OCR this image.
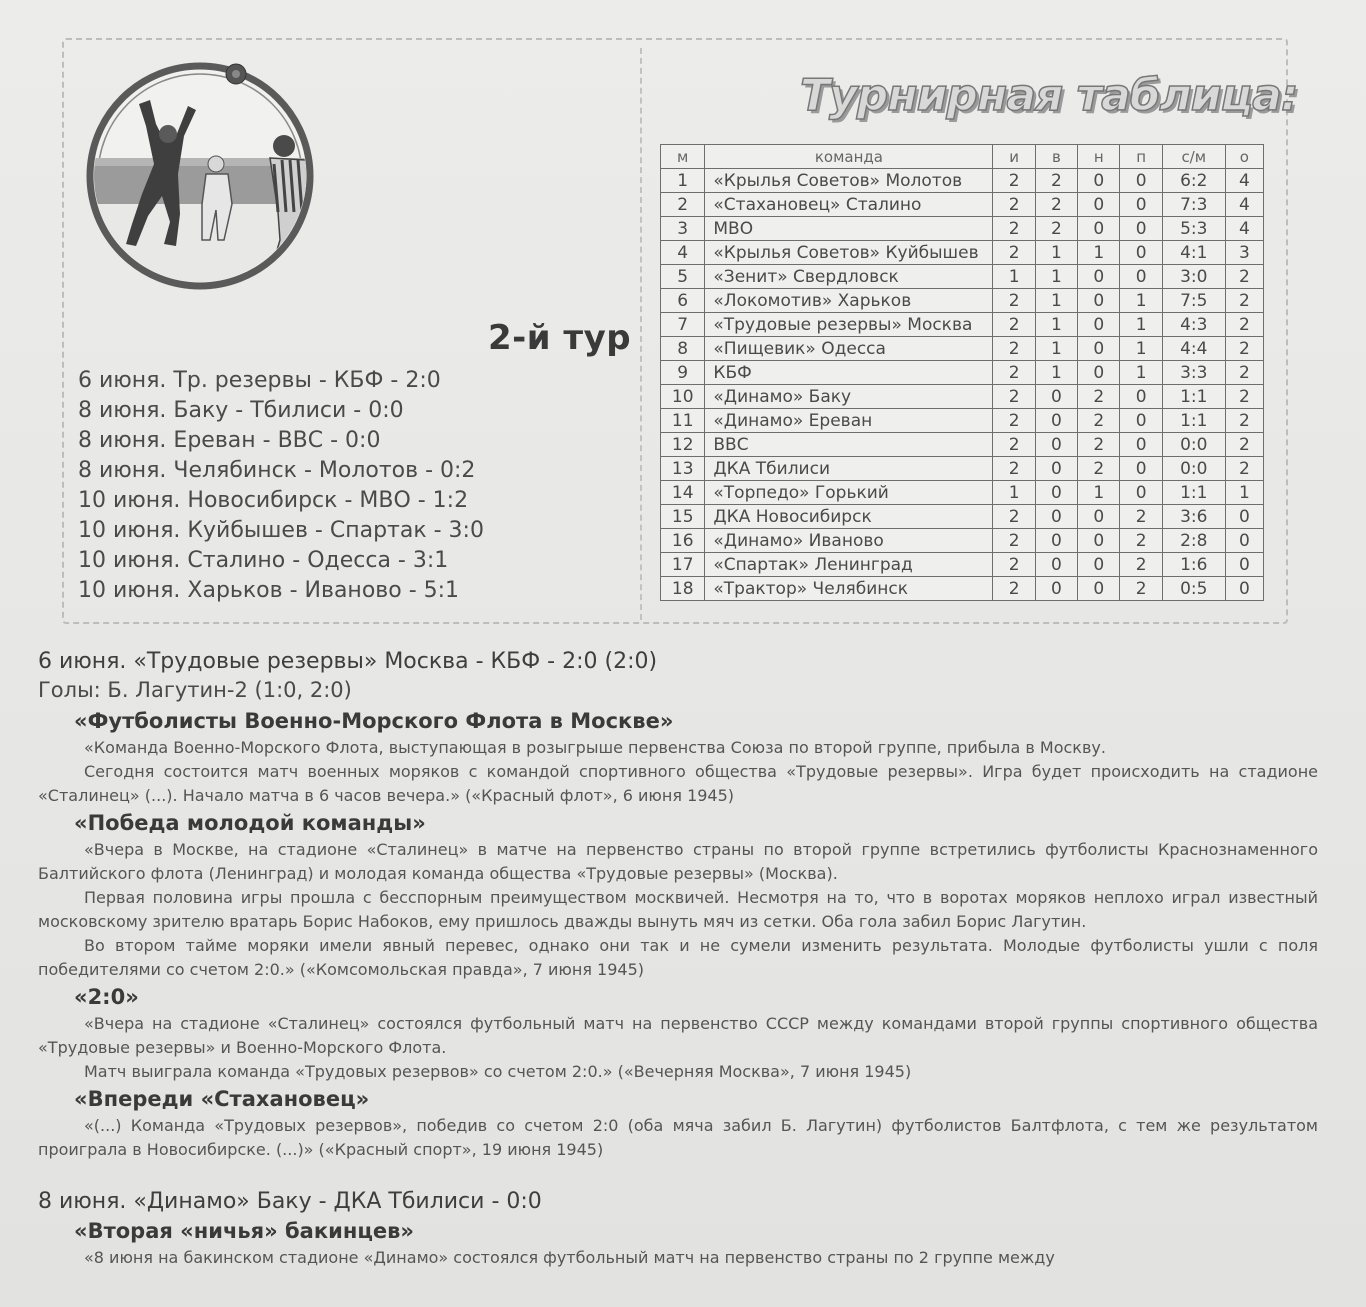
2-й тур
6 июня. Тр. резервы - КБФ - 2:0
8 июня. Баку - Тбилиси - 0:0
8 июня. Ереван - ВВС - 0:0
8 июня. Челябинск - Молотов - 0:2
10 июня. Новосибирск - МВО - 1:2
10 июня. Куйбышев - Спартак - 3:0
10 июня. Сталино - Одесса - 3:1
10 июня. Харьков - Иваново - 5:1
Турнирная таблица:
м	команда	и	в	н	п	с/м	о
1	«Крылья Советов» Молотов	2	2	0	0	6:2	4
2	«Стахановец» Сталино	2	2	0	0	7:3	4
3	МВО	2	2	0	0	5:3	4
4	«Крылья Советов» Куйбышев	2	1	1	0	4:1	3
5	«Зенит» Свердловск	1	1	0	0	3:0	2
6	«Локомотив» Харьков	2	1	0	1	7:5	2
7	«Трудовые резервы» Москва	2	1	0	1	4:3	2
8	«Пищевик» Одесса	2	1	0	1	4:4	2
9	КБФ	2	1	0	1	3:3	2
10	«Динамо» Баку	2	0	2	0	1:1	2
11	«Динамо» Ереван	2	0	2	0	1:1	2
12	ВВС	2	0	2	0	0:0	2
13	ДКА Тбилиси	2	0	2	0	0:0	2
14	«Торпедо» Горький	1	0	1	0	1:1	1
15	ДКА Новосибирск	2	0	0	2	3:6	0
16	«Динамо» Иваново	2	0	0	2	2:8	0
17	«Спартак» Ленинград	2	0	0	2	1:6	0
18	«Трактор» Челябинск	2	0	0	2	0:5	0
6 июня. «Трудовые резервы» Москва - КБФ - 2:0 (2:0)
Голы: Б. Лагутин-2 (1:0, 2:0)
«Футболисты Военно-Морского Флота в Москве»

«Команда Военно-Морского Флота, выступающая в розыгрыше первенства Союза по второй группе, прибыла в Москву.

Сегодня состоится матч военных моряков с командой спортивного общества «Трудовые резервы». Игра будет происходить на стадионе «Сталинец» (...). Начало матча в 6 часов вечера.» («Красный флот», 6 июня 1945)

«Победа молодой команды»

«Вчера в Москве, на стадионе «Сталинец» в матче на первенство страны по второй группе встретились футболисты Краснознаменного Балтийского флота (Ленинград) и молодая команда общества «Трудовые резервы» (Москва).

Первая половина игры прошла с бесспорным преимуществом москвичей. Несмотря на то, что в воротах моряков неплохо играл известный московскому зрителю вратарь Борис Набоков, ему пришлось дважды вынуть мяч из сетки. Оба гола забил Борис Лагутин.

Во втором тайме моряки имели явный перевес, однако они так и не сумели изменить результата. Молодые футболисты ушли с поля победителями со счетом 2:0.» («Комсомольская правда», 7 июня 1945)

«2:0»

«Вчера на стадионе «Сталинец» состоялся футбольный матч на первенство СССР между командами второй группы спортивного общества «Трудовые резервы» и Военно-Морского Флота.

Матч выиграла команда «Трудовых резервов» со счетом 2:0.» («Вечерняя Москва», 7 июня 1945)

«Впереди «Стахановец»

«(...) Команда «Трудовых резервов», победив со счетом 2:0 (оба мяча забил Б. Лагутин) футболистов Балтфлота, с тем же результатом проиграла в Новосибирске. (...)» («Красный спорт», 19 июня 1945)

8 июня. «Динамо» Баку - ДКА Тбилиси - 0:0
«Вторая «ничья» бакинцев»

«8 июня на бакинском стадионе «Динамо» состоялся футбольный матч на первенство страны по 2 группе между
